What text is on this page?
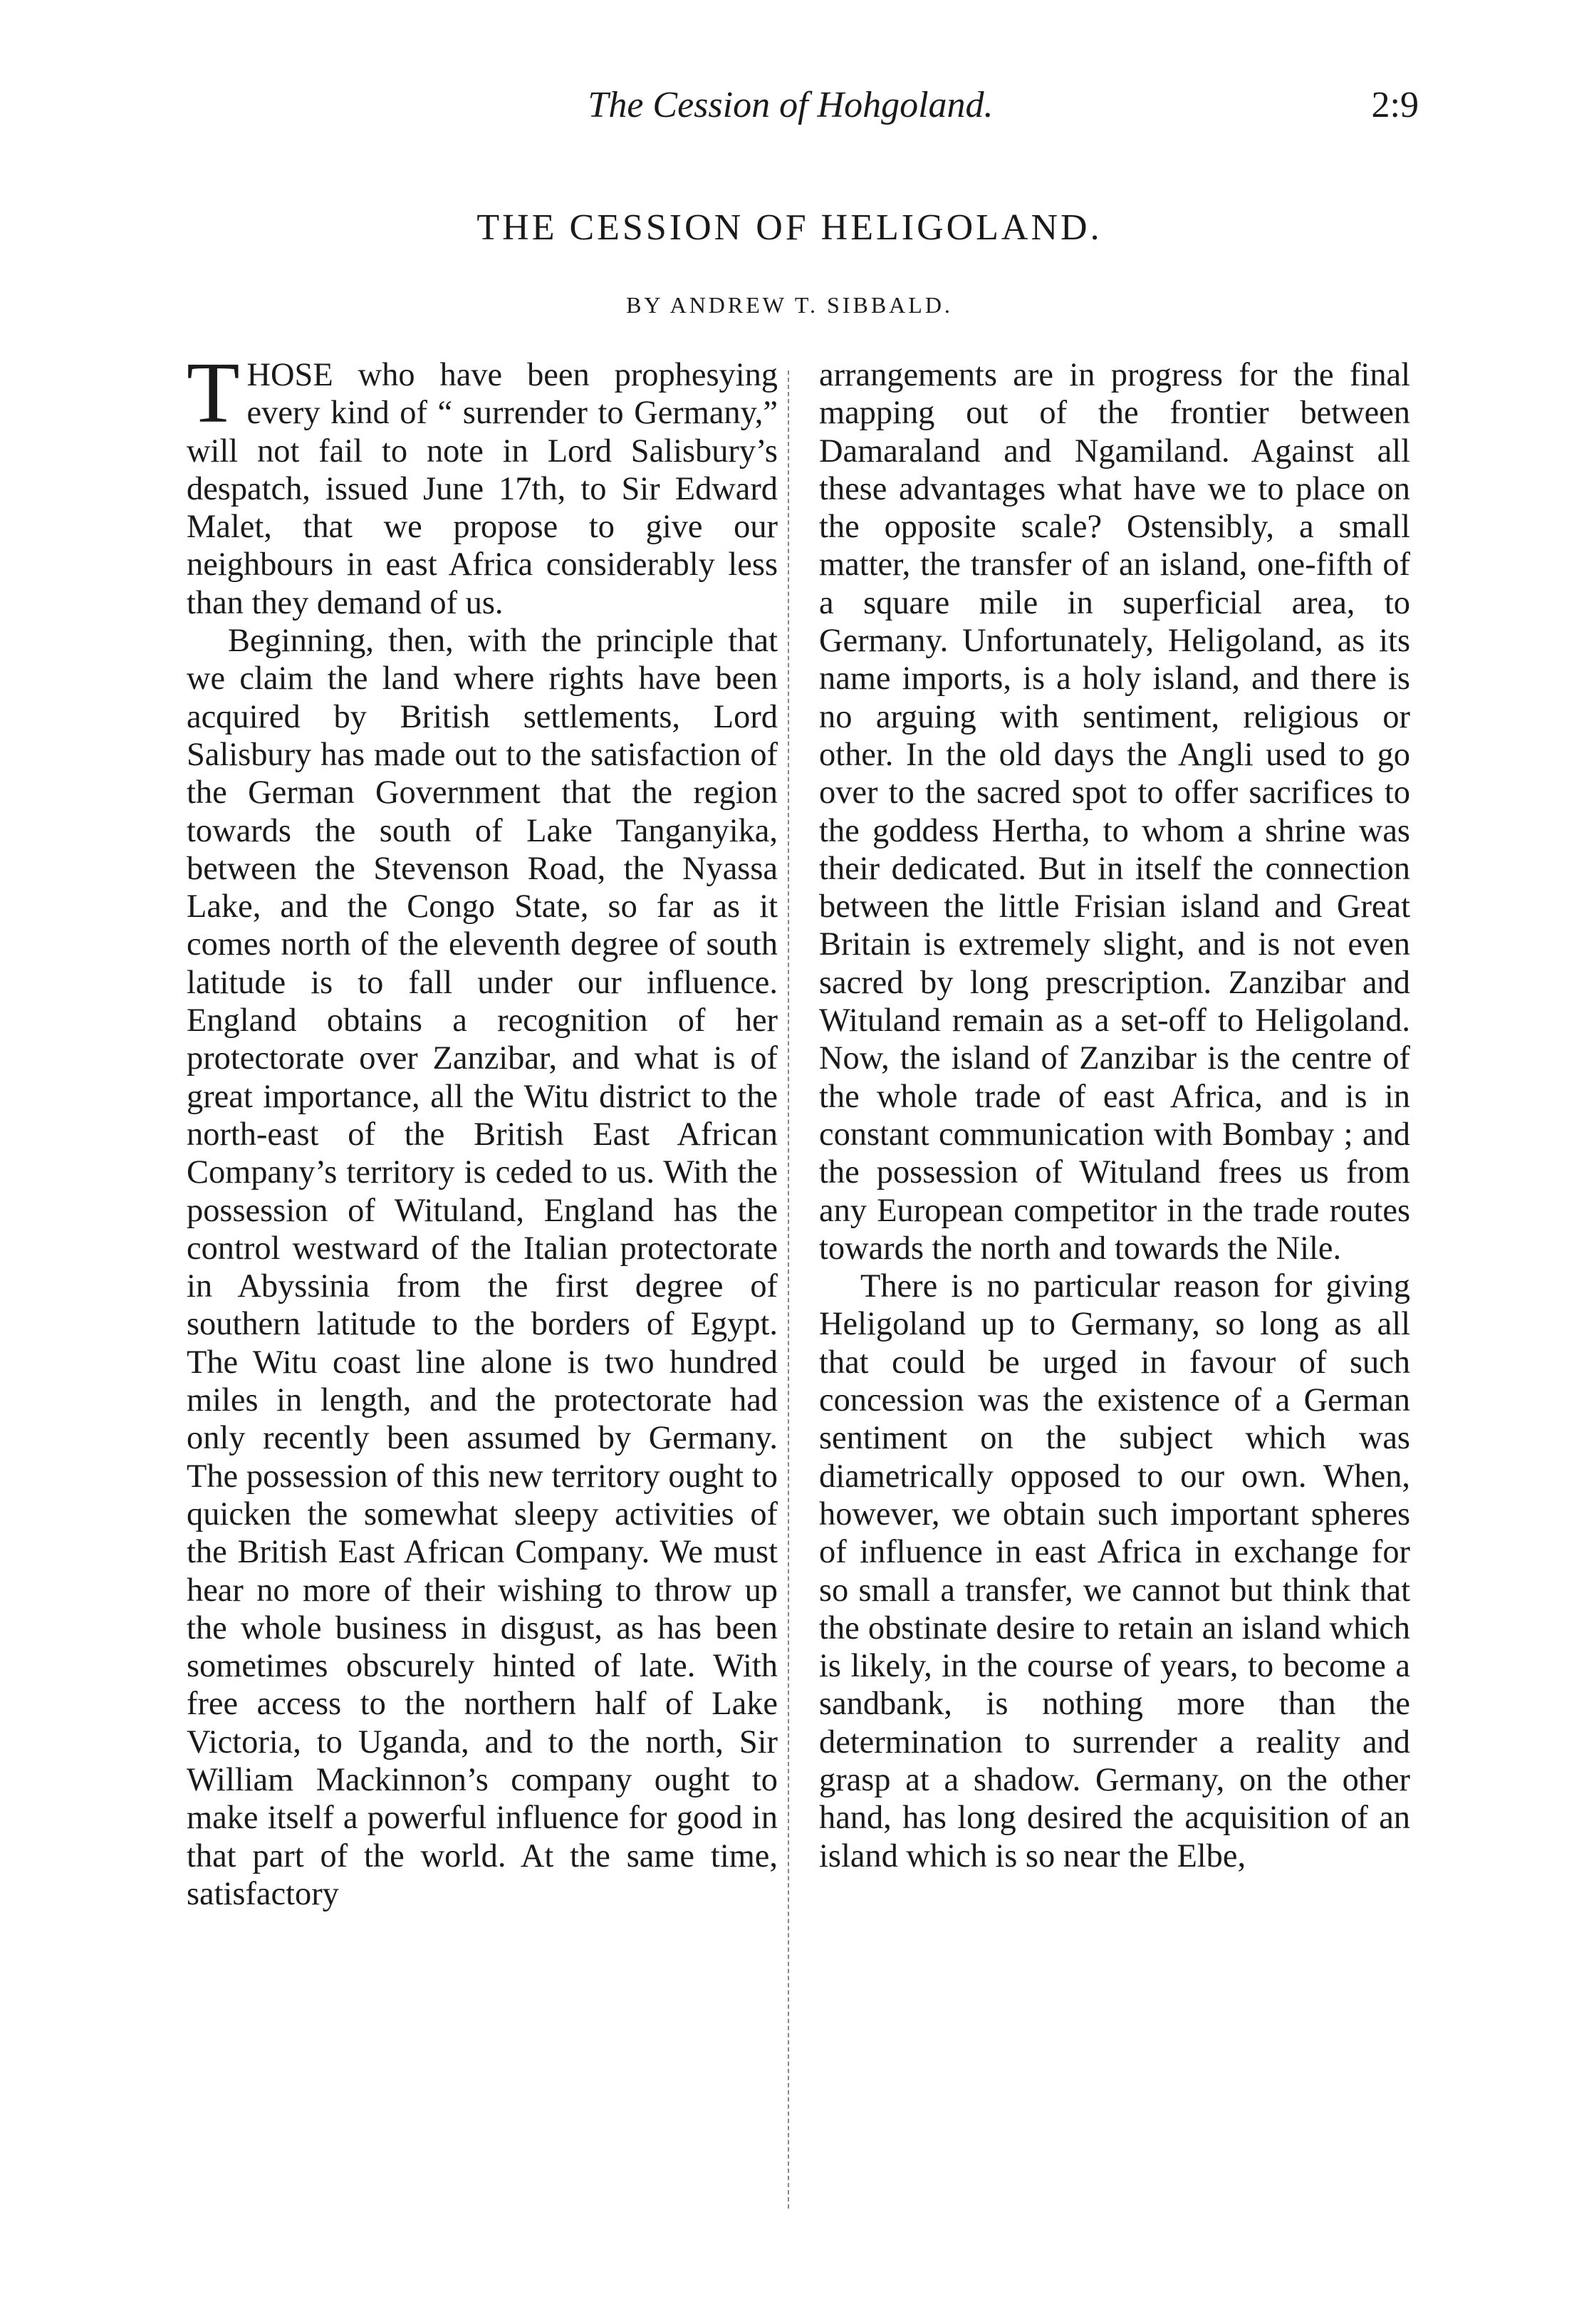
The Cession of Hohgoland.	2:9
THE CESSION OF HELIGOLAND.
BY ANDREW T. SIBBALD.

THOSE who have been prophesying every kind of “ surrender to Germany,” will not fail to note in Lord Salisbury’s despatch, issued June 17th, to Sir Edward Malet, that we propose to give our neighbours in east Africa considerably less than they demand of us.

Beginning, then, with the principle that we claim the land where rights have been acquired by British settlements, Lord Salisbury has made out to the satisfaction of the German Government that the region towards the south of Lake Tanganyika, between the Stevenson Road, the Nyassa Lake, and the Congo State, so far as it comes north of the eleventh degree of south latitude is to fall under our influence. England obtains a recognition of her protectorate over Zanzibar, and what is of great importance, all the Witu district to the north-east of the British East African Company’s territory is ceded to us. With the possession of Wituland, England has the control westward of the Italian protectorate in Abyssinia from the first degree of southern latitude to the borders of Egypt. The Witu coast line alone is two hundred miles in length, and the protectorate had only recently been assumed by Germany. The possession of this new territory ought to quicken the somewhat sleepy activities of the British East African Company. We must hear no more of their wishing to throw up the whole business in disgust, as has been sometimes obscurely hinted of late. With free access to the northern half of Lake Victoria, to Uganda, and to the north, Sir William Mackinnon’s company ought to make itself a powerful influence for good in that part of the world. At the same time, satisfactory

arrangements are in progress for the final mapping out of the frontier between Damaraland and Ngamiland. Against all these advantages what have we to place on the opposite scale? Ostensibly, a small matter, the transfer of an island, one-fifth of a square mile in superficial area, to Germany. Unfortunately, Heligoland, as its name imports, is a holy island, and there is no arguing with sentiment, religious or other. In the old days the Angli used to go over to the sacred spot to offer sacrifices to the goddess Hertha, to whom a shrine was their dedicated. But in itself the connection between the little Frisian island and Great Britain is extremely slight, and is not even sacred by long prescription. Zanzibar and Wituland remain as a set-off to Heligoland. Now, the island of Zanzibar is the centre of the whole trade of east Africa, and is in constant communication with Bombay ; and the possession of Wituland frees us from any European competitor in the trade routes towards the north and towards the Nile.

There is no particular reason for giving Heligoland up to Germany, so long as all that could be urged in favour of such concession was the existence of a German sentiment on the subject which was diametrically opposed to our own. When, however, we obtain such important spheres of influence in east Africa in exchange for so small a transfer, we cannot but think that the obstinate desire to retain an island which is likely, in the course of years, to become a sandbank, is nothing more than the determination to surrender a reality and grasp at a shadow. Germany, on the other hand, has long desired the acquisition of an island which is so near the Elbe,
